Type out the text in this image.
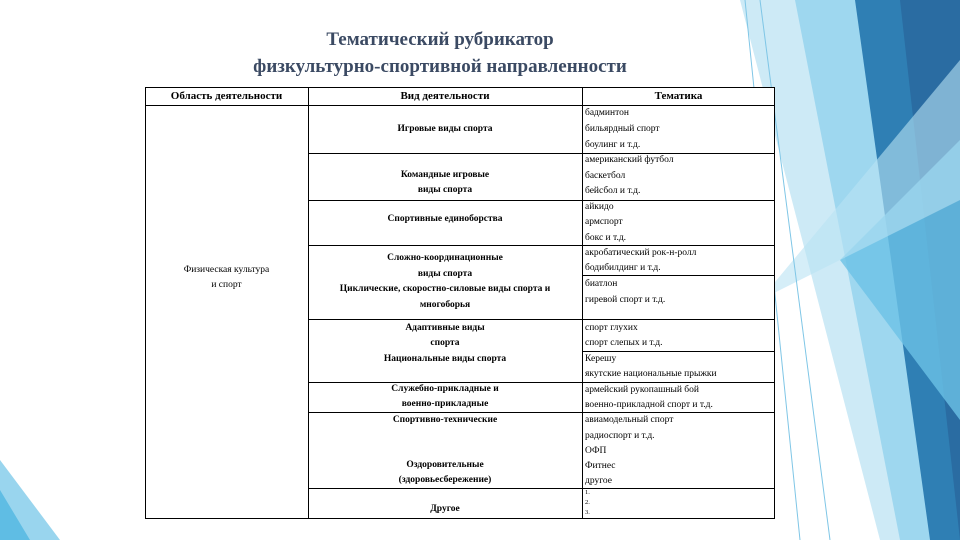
Тематический рубрикатор
физкультурно-спортивной направленности
Область деятельности	Вид деятельности	Тематика
Физическая культура
и спорт
Игровые виды спорта
Командные игровые
виды спорта
Спортивные единоборства
Сложно-координационные
виды спорта
Циклические, скоростно-силовые виды спорта и
многоборья
Адаптивные виды
спорта
Национальные виды спорта
Служебно-прикладные и
военно-прикладные
Спортивно-технические
Оздоровительные
(здоровьесбережение)
Другое
бадминтон
бильярдный спорт
боулинг и т.д.
американский футбол
баскетбол
бейсбол и т.д.
айкидо
армспорт
бокс и т.д.
акробатический рок-н-ролл
бодибилдинг и т.д.
биатлон
гиревой спорт и т.д.
спорт глухих
спорт слепых и т.д.
Керешу
якутские национальные прыжки
армейский рукопашный бой
военно-прикладной спорт и т.д.
авиамодельный спорт
радиоспорт и т.д.
ОФП
Фитнес
другое
1.
2.
3.
